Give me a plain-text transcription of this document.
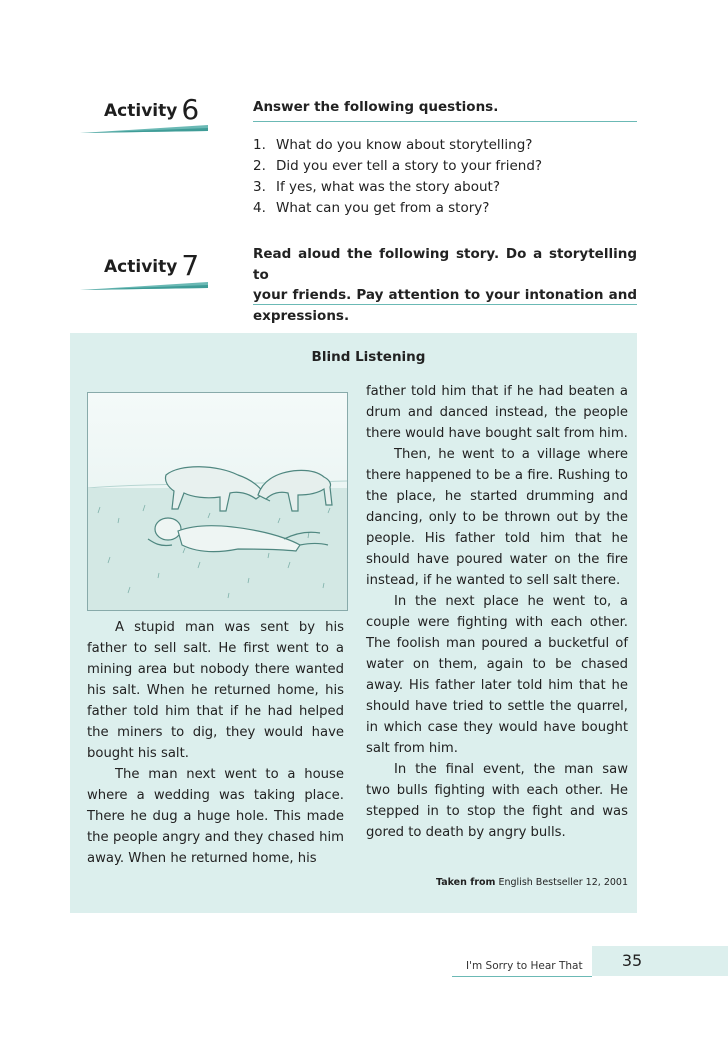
Activity 6	Answer the following questions.
1. What do you know about storytelling?
2. Did you ever tell a story to your friend?
3. If yes, what was the story about?
4. What can you get from a story?
Activity 7	Read aloud the following story. Do a storytelling to
your friends. Pay attention to your intonation and
expressions.
Blind Listening

A stupid man was sent by his father to sell salt. He first went to a mining area but nobody there wanted his salt. When he returned home, his father told him that if he had helped the miners to dig, they would have bought his salt.

The man next went to a house where a wedding was taking place. There he dug a huge hole. This made the people angry and they chased him away. When he returned home, his

father told him that if he had beaten a drum and danced instead, the people there would have bought salt from him.

Then, he went to a village where there happened to be a fire. Rushing to the place, he started drumming and dancing, only to be thrown out by the people. His father told him that he should have poured water on the fire instead, if he wanted to sell salt there.

In the next place he went to, a couple were fighting with each other. The foolish man poured a bucketful of water on them, again to be chased away. His father later told him that he should have tried to settle the quarrel, in which case they would have bought salt from him.

In the final event, the man saw two bulls fighting with each other. He stepped in to stop the fight and was gored to death by angry bulls.

Taken from English Bestseller 12, 2001
I'm Sorry to Hear That	35
